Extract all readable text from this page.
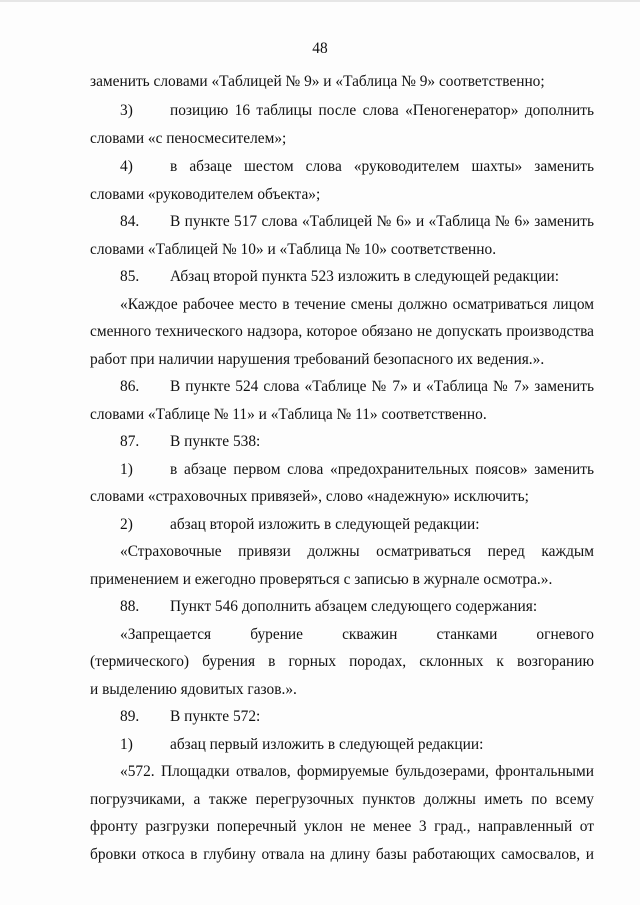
48
заменить словами «Таблицей № 9» и «Таблица № 9» соответственно;
3) позицию 16 таблицы после слова «Пеногенератор» дополнить
словами «с пеносмесителем»;
4) в абзаце шестом слова «руководителем шахты» заменить
словами «руководителем объекта»;
84. В пункте 517 слова «Таблицей № 6» и «Таблица № 6» заменить
словами «Таблицей № 10» и «Таблица № 10» соответственно.
85. Абзац второй пункта 523 изложить в следующей редакции:
«Каждое рабочее место в течение смены должно осматриваться лицом
сменного технического надзора, которое обязано не допускать производства
работ при наличии нарушения требований безопасного их ведения.».
86. В пункте 524 слова «Таблице № 7» и «Таблица № 7» заменить
словами «Таблице № 11» и «Таблица № 11» соответственно.
87. В пункте 538:
1) в абзаце первом слова «предохранительных поясов» заменить
словами «страховочных привязей», слово «надежную» исключить;
2) абзац второй изложить в следующей редакции:
«Страховочные привязи должны осматриваться перед каждым
применением и ежегодно проверяться с записью в журнале осмотра.».
88. Пункт 546 дополнить абзацем следующего содержания:
«Запрещается бурение скважин станками огневого
(термического) бурения в горных породах, склонных к возгоранию
и выделению ядовитых газов.».
89. В пункте 572:
1) абзац первый изложить в следующей редакции:
«572. Площадки отвалов, формируемые бульдозерами, фронтальными
погрузчиками, а также перегрузочных пунктов должны иметь по всему
фронту разгрузки поперечный уклон не менее 3 град., направленный от
бровки откоса в глубину отвала на длину базы работающих самосвалов, и
